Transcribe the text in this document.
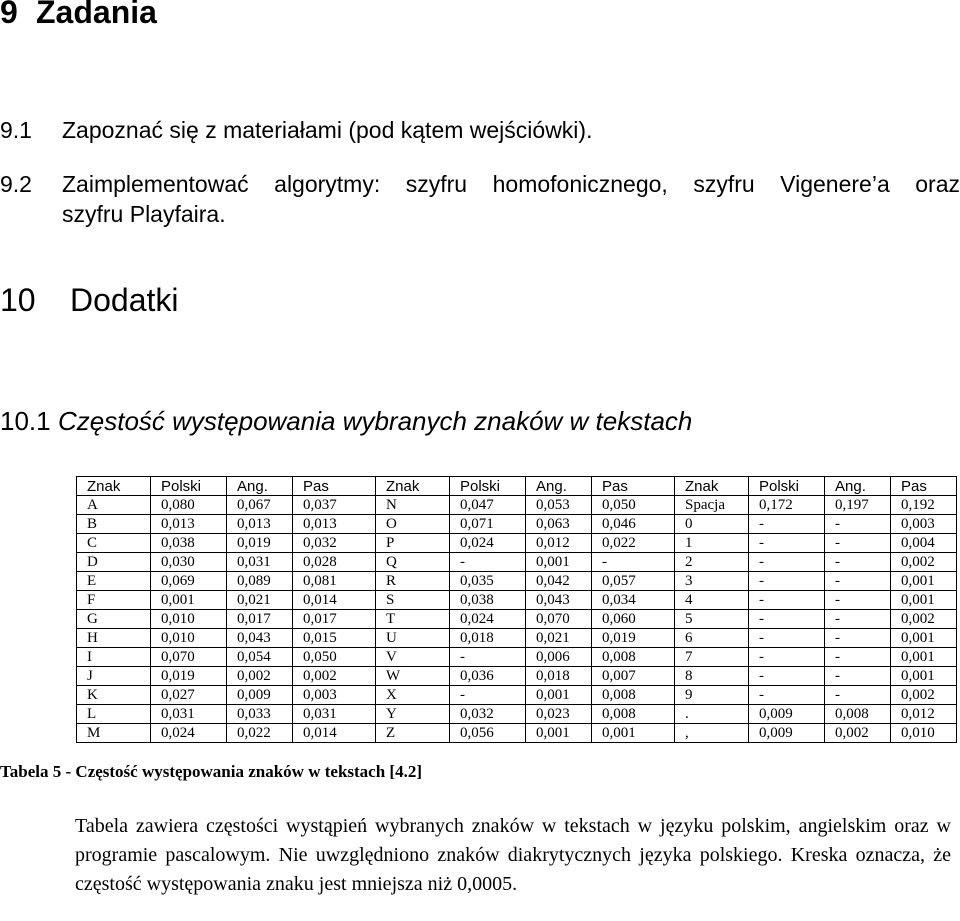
9 Zadania
9.1 Zapoznać się z materiałami (pod kątem wejściówki).
9.2 Zaimplementować algorytmy: szyfru homofonicznego, szyfru Vigenere’a oraz
szyfru Playfaira.
10 Dodatki
10.1 Częstość występowania wybranych znaków w tekstach
Znak	Polski	Ang.	Pas	Znak	Polski	Ang.	Pas	Znak	Polski	Ang.	Pas
A	0,080	0,067	0,037	N	0,047	0,053	0,050	Spacja	0,172	0,197	0,192
B	0,013	0,013	0,013	O	0,071	0,063	0,046	0	-	-	0,003
C	0,038	0,019	0,032	P	0,024	0,012	0,022	1	-	-	0,004
D	0,030	0,031	0,028	Q	-	0,001	-	2	-	-	0,002
E	0,069	0,089	0,081	R	0,035	0,042	0,057	3	-	-	0,001
F	0,001	0,021	0,014	S	0,038	0,043	0,034	4	-	-	0,001
G	0,010	0,017	0,017	T	0,024	0,070	0,060	5	-	-	0,002
H	0,010	0,043	0,015	U	0,018	0,021	0,019	6	-	-	0,001
I	0,070	0,054	0,050	V	-	0,006	0,008	7	-	-	0,001
J	0,019	0,002	0,002	W	0,036	0,018	0,007	8	-	-	0,001
K	0,027	0,009	0,003	X	-	0,001	0,008	9	-	-	0,002
L	0,031	0,033	0,031	Y	0,032	0,023	0,008	.	0,009	0,008	0,012
M	0,024	0,022	0,014	Z	0,056	0,001	0,001	,	0,009	0,002	0,010
Tabela 5 - Częstość występowania znaków w tekstach [4.2]
Tabela zawiera częstości wystąpień wybranych znaków w tekstach w języku polskim, angielskim oraz w programie pascalowym. Nie uwzględniono znaków diakrytycznych języka polskiego. Kreska oznacza, że częstość występowania znaku jest mniejsza niż 0,0005.
